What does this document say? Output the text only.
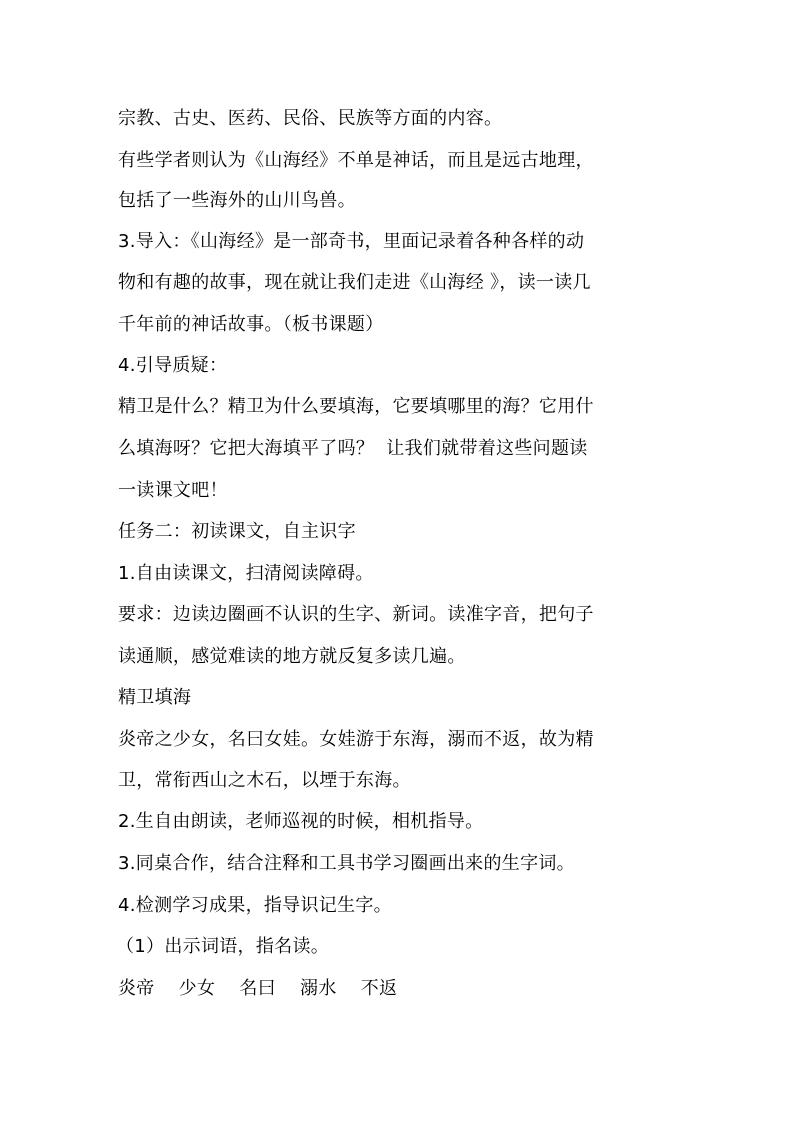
宗教、古史、医药、民俗、民族等方面的内容。
有些学者则认为《山海经》不单是神话，而且是远古地理，
包括了一些海外的山川鸟兽。
3.导入：《山海经》是一部奇书，里面记录着各种各样的动
物和有趣的故事，现在就让我们走进《山海经 》，读一读几
千年前的神话故事。（板书课题）
4.引导质疑：
精卫是什么？精卫为什么要填海，它要填哪里的海？它用什
么填海呀？它把大海填平了吗？  让我们就带着这些问题读
一读课文吧！
任务二：初读课文，自主识字
1.自由读课文，扫清阅读障碍。
要求：边读边圈画不认识的生字、新词。读准字音，把句子
读通顺，感觉难读的地方就反复多读几遍。
精卫填海
炎帝之少女，名曰女娃。女娃游于东海，溺而不返，故为精
卫，常衔西山之木石，以堙于东海。
2.生自由朗读，老师巡视的时候，相机指导。
3.同桌合作，结合注释和工具书学习圈画出来的生字词。
4.检测学习成果，指导识记生字。
（1）出示词语，指名读。
炎帝    少女    名曰    溺水    不返
